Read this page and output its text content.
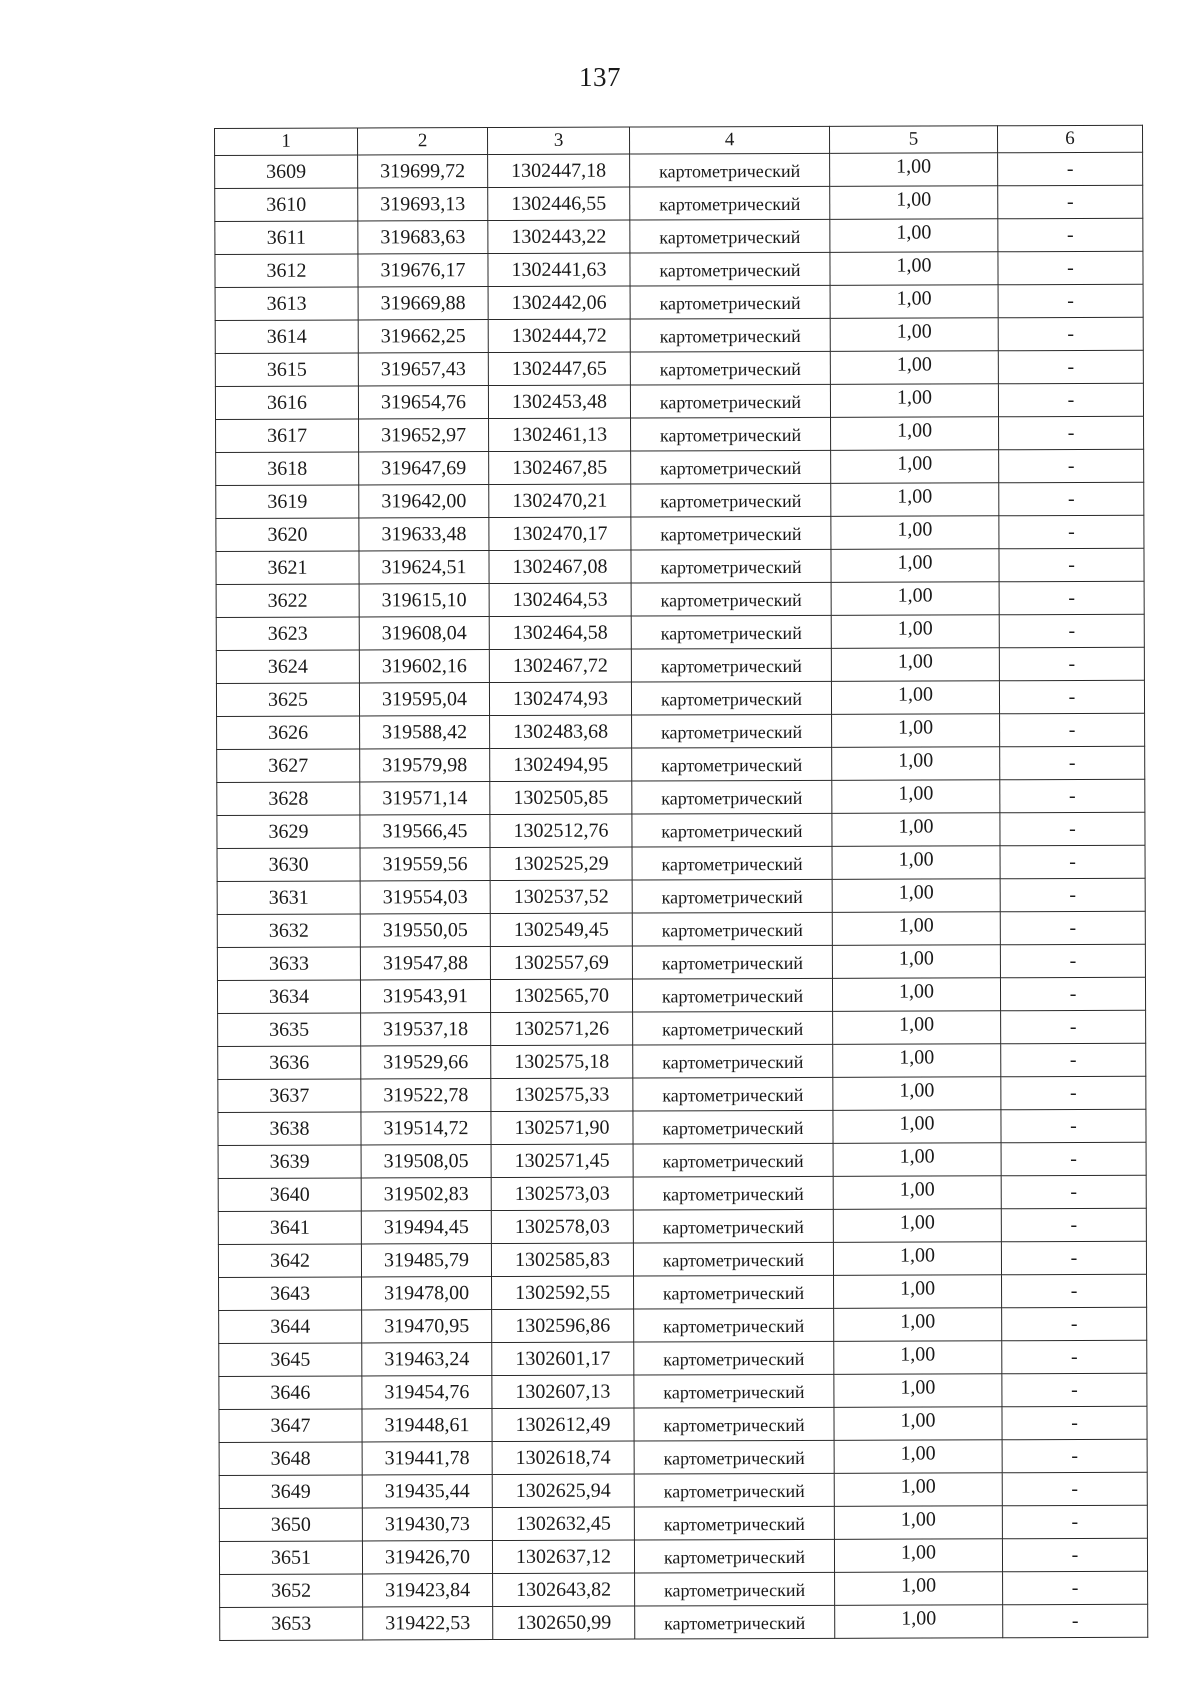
137
1	2	3	4	5	6
3609	319699,72	1302447,18	картометрический	1,00	-
3610	319693,13	1302446,55	картометрический	1,00	-
3611	319683,63	1302443,22	картометрический	1,00	-
3612	319676,17	1302441,63	картометрический	1,00	-
3613	319669,88	1302442,06	картометрический	1,00	-
3614	319662,25	1302444,72	картометрический	1,00	-
3615	319657,43	1302447,65	картометрический	1,00	-
3616	319654,76	1302453,48	картометрический	1,00	-
3617	319652,97	1302461,13	картометрический	1,00	-
3618	319647,69	1302467,85	картометрический	1,00	-
3619	319642,00	1302470,21	картометрический	1,00	-
3620	319633,48	1302470,17	картометрический	1,00	-
3621	319624,51	1302467,08	картометрический	1,00	-
3622	319615,10	1302464,53	картометрический	1,00	-
3623	319608,04	1302464,58	картометрический	1,00	-
3624	319602,16	1302467,72	картометрический	1,00	-
3625	319595,04	1302474,93	картометрический	1,00	-
3626	319588,42	1302483,68	картометрический	1,00	-
3627	319579,98	1302494,95	картометрический	1,00	-
3628	319571,14	1302505,85	картометрический	1,00	-
3629	319566,45	1302512,76	картометрический	1,00	-
3630	319559,56	1302525,29	картометрический	1,00	-
3631	319554,03	1302537,52	картометрический	1,00	-
3632	319550,05	1302549,45	картометрический	1,00	-
3633	319547,88	1302557,69	картометрический	1,00	-
3634	319543,91	1302565,70	картометрический	1,00	-
3635	319537,18	1302571,26	картометрический	1,00	-
3636	319529,66	1302575,18	картометрический	1,00	-
3637	319522,78	1302575,33	картометрический	1,00	-
3638	319514,72	1302571,90	картометрический	1,00	-
3639	319508,05	1302571,45	картометрический	1,00	-
3640	319502,83	1302573,03	картометрический	1,00	-
3641	319494,45	1302578,03	картометрический	1,00	-
3642	319485,79	1302585,83	картометрический	1,00	-
3643	319478,00	1302592,55	картометрический	1,00	-
3644	319470,95	1302596,86	картометрический	1,00	-
3645	319463,24	1302601,17	картометрический	1,00	-
3646	319454,76	1302607,13	картометрический	1,00	-
3647	319448,61	1302612,49	картометрический	1,00	-
3648	319441,78	1302618,74	картометрический	1,00	-
3649	319435,44	1302625,94	картометрический	1,00	-
3650	319430,73	1302632,45	картометрический	1,00	-
3651	319426,70	1302637,12	картометрический	1,00	-
3652	319423,84	1302643,82	картометрический	1,00	-
3653	319422,53	1302650,99	картометрический	1,00	-
